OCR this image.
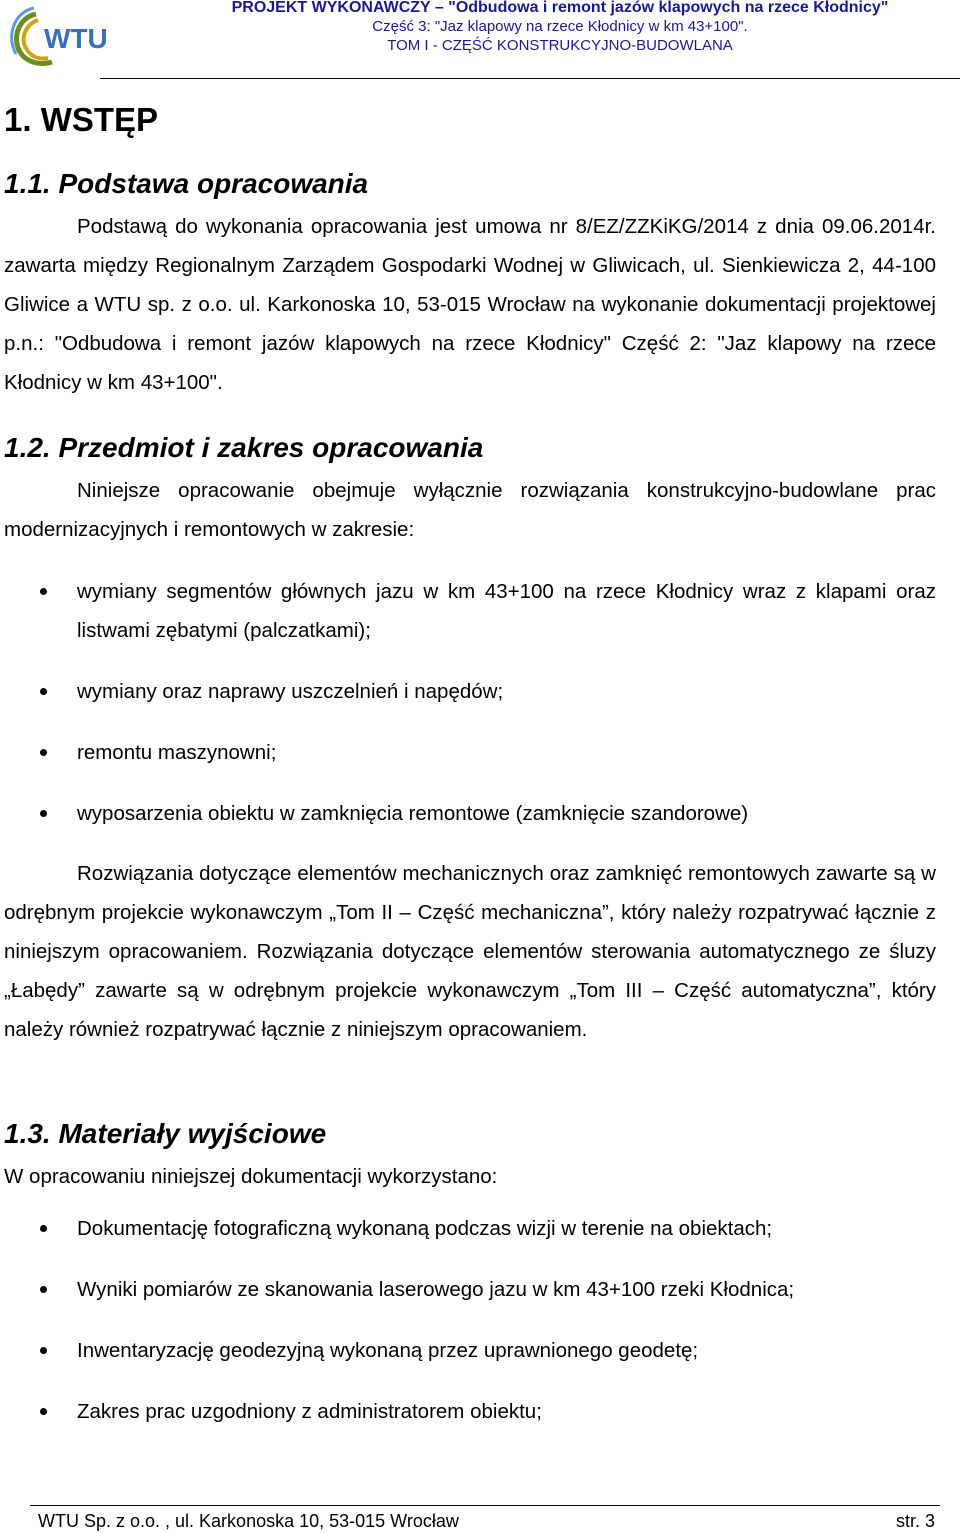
WTU
PROJEKT WYKONAWCZY – "Odbudowa i remont jazów klapowych na rzece Kłodnicy"
Część 3: "Jaz klapowy na rzece Kłodnicy w km 43+100".
TOM I - CZĘŚĆ KONSTRUKCYJNO-BUDOWLANA
1. WSTĘP
1.1. Podstawa opracowania

Podstawą do wykonania opracowania jest umowa nr 8/EZ/ZZKiKG/2014 z dnia 09.06.2014r. zawarta między Regionalnym Zarządem Gospodarki Wodnej w Gliwicach, ul. Sienkiewicza 2, 44-100 Gliwice a WTU sp. z o.o. ul. Karkonoska 10, 53-015 Wrocław na wykonanie dokumentacji projektowej p.n.: "Odbudowa i remont jazów klapowych na rzece Kłodnicy" Część 2: "Jaz klapowy na rzece Kłodnicy w km 43+100".

1.2. Przedmiot i zakres opracowania

Niniejsze opracowanie obejmuje wyłącznie rozwiązania konstrukcyjno-budowlane prac modernizacyjnych i remontowych w zakresie:

wymiany segmentów głównych jazu w km 43+100 na rzece Kłodnicy wraz z klapami oraz listwami zębatymi (palczatkami);
wymiany oraz naprawy uszczelnień i napędów;
remontu maszynowni;
wyposarzenia obiektu w zamknięcia remontowe (zamknięcie szandorowe)

Rozwiązania dotyczące elementów mechanicznych oraz zamknięć remontowych zawarte są w odrębnym projekcie wykonawczym „Tom II – Część mechaniczna”, który należy rozpatrywać łącznie z niniejszym opracowaniem. Rozwiązania dotyczące elementów sterowania automatycznego ze śluzy „Łabędy” zawarte są w odrębnym projekcie wykonawczym „Tom III – Część automatyczna”, który należy również rozpatrywać łącznie z niniejszym opracowaniem.

1.3. Materiały wyjściowe

W opracowaniu niniejszej dokumentacji wykorzystano:

Dokumentację fotograficzną wykonaną podczas wizji w terenie na obiektach;
Wyniki pomiarów ze skanowania laserowego jazu w km 43+100 rzeki Kłodnica;
Inwentaryzację geodezyjną wykonaną przez uprawnionego geodetę;
Zakres prac uzgodniony z administratorem obiektu;
WTU Sp. z o.o. , ul. Karkonoska 10, 53-015 Wrocław	str. 3
